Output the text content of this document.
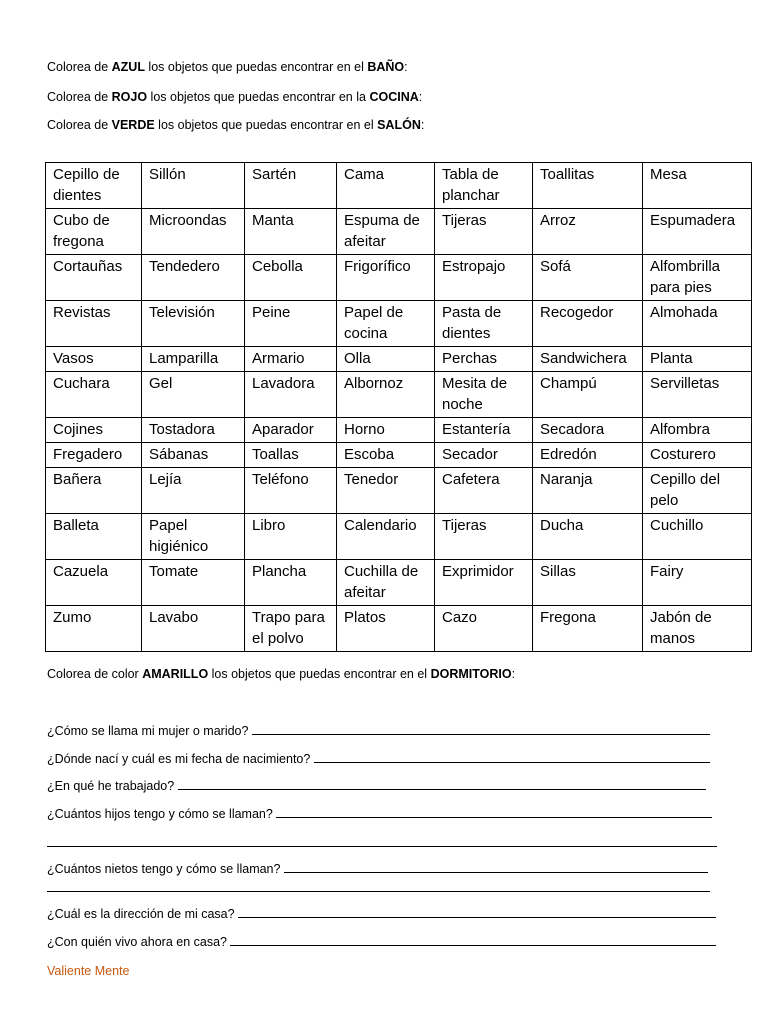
Colorea de AZUL los objetos que puedas encontrar en el BAÑO:
Colorea de ROJO los objetos que puedas encontrar en la COCINA:
Colorea de VERDE los objetos que puedas encontrar en el SALÓN:
Cepillo de dientes	Sillón	Sartén	Cama	Tabla de planchar	Toallitas	Mesa
Cubo de fregona	Microondas	Manta	Espuma de afeitar	Tijeras	Arroz	Espumadera
Cortauñas	Tendedero	Cebolla	Frigorífico	Estropajo	Sofá	Alfombrilla para pies
Revistas	Televisión	Peine	Papel de cocina	Pasta de dientes	Recogedor	Almohada
Vasos	Lamparilla	Armario	Olla	Perchas	Sandwichera	Planta
Cuchara	Gel	Lavadora	Albornoz	Mesita de noche	Champú	Servilletas
Cojines	Tostadora	Aparador	Horno	Estantería	Secadora	Alfombra
Fregadero	Sábanas	Toallas	Escoba	Secador	Edredón	Costurero
Bañera	Lejía	Teléfono	Tenedor	Cafetera	Naranja	Cepillo del pelo
Balleta	Papel higiénico	Libro	Calendario	Tijeras	Ducha	Cuchillo
Cazuela	Tomate	Plancha	Cuchilla de afeitar	Exprimidor	Sillas	Fairy
Zumo	Lavabo	Trapo para el polvo	Platos	Cazo	Fregona	Jabón de manos
Colorea de color AMARILLO los objetos que puedas encontrar en el DORMITORIO:
¿Cómo se llama mi mujer o marido?
¿Dónde nací y cuál es mi fecha de nacimiento?
¿En qué he trabajado?
¿Cuántos hijos tengo y cómo se llaman?
¿Cuántos nietos tengo y cómo se llaman?
¿Cuál es la dirección de mi casa?
¿Con quién vivo ahora en casa?
Valiente Mente
